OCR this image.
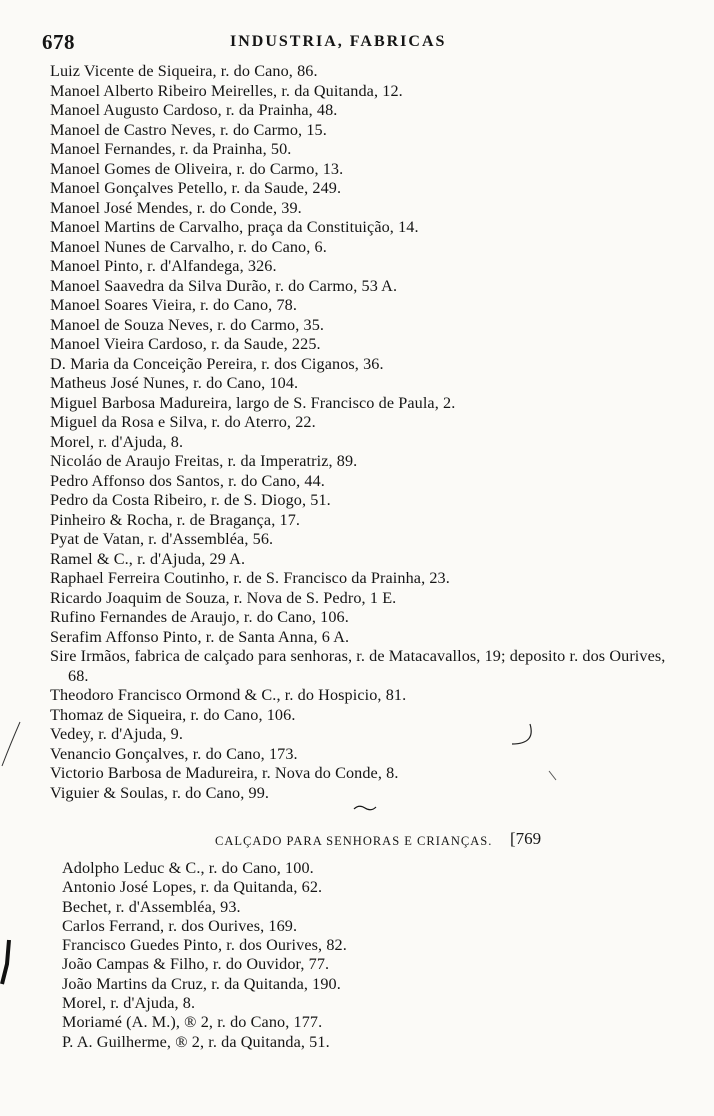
678	INDUSTRIA, FABRICAS
Luiz Vicente de Siqueira, r. do Cano, 86.
Manoel Alberto Ribeiro Meirelles, r. da Quitanda, 12.
Manoel Augusto Cardoso, r. da Prainha, 48.
Manoel de Castro Neves, r. do Carmo, 15.
Manoel Fernandes, r. da Prainha, 50.
Manoel Gomes de Oliveira, r. do Carmo, 13.
Manoel Gonçalves Petello, r. da Saude, 249.
Manoel José Mendes, r. do Conde, 39.
Manoel Martins de Carvalho, praça da Constituição, 14.
Manoel Nunes de Carvalho, r. do Cano, 6.
Manoel Pinto, r. d'Alfandega, 326.
Manoel Saavedra da Silva Durão, r. do Carmo, 53 A.
Manoel Soares Vieira, r. do Cano, 78.
Manoel de Souza Neves, r. do Carmo, 35.
Manoel Vieira Cardoso, r. da Saude, 225.
D. Maria da Conceição Pereira, r. dos Ciganos, 36.
Matheus José Nunes, r. do Cano, 104.
Miguel Barbosa Madureira, largo de S. Francisco de Paula, 2.
Miguel da Rosa e Silva, r. do Aterro, 22.
Morel, r. d'Ajuda, 8.
Nicoláo de Araujo Freitas, r. da Imperatriz, 89.
Pedro Affonso dos Santos, r. do Cano, 44.
Pedro da Costa Ribeiro, r. de S. Diogo, 51.
Pinheiro & Rocha, r. de Bragança, 17.
Pyat de Vatan, r. d'Assembléa, 56.
Ramel & C., r. d'Ajuda, 29 A.
Raphael Ferreira Coutinho, r. de S. Francisco da Prainha, 23.
Ricardo Joaquim de Souza, r. Nova de S. Pedro, 1 E.
Rufino Fernandes de Araujo, r. do Cano, 106.
Serafim Affonso Pinto, r. de Santa Anna, 6 A.
Sire Irmãos, fabrica de calçado para senhoras, r. de Matacavallos, 19; deposito r. dos Ourives, 68.
Theodoro Francisco Ormond & C., r. do Hospicio, 81.
Thomaz de Siqueira, r. do Cano, 106.
Vedey, r. d'Ajuda, 9.
Venancio Gonçalves, r. do Cano, 173.
Victorio Barbosa de Madureira, r. Nova do Conde, 8.
Viguier & Soulas, r. do Cano, 99.
CALÇADO PARA SENHORAS E CRIANÇAS. [769
Adolpho Leduc & C., r. do Cano, 100.
Antonio José Lopes, r. da Quitanda, 62.
Bechet, r. d'Assembléa, 93.
Carlos Ferrand, r. dos Ourives, 169.
Francisco Guedes Pinto, r. dos Ourives, 82.
João Campas & Filho, r. do Ouvidor, 77.
João Martins da Cruz, r. da Quitanda, 190.
Morel, r. d'Ajuda, 8.
Moriamé (A. M.), ® 2, r. do Cano, 177.
P. A. Guilherme, ® 2, r. da Quitanda, 51.
